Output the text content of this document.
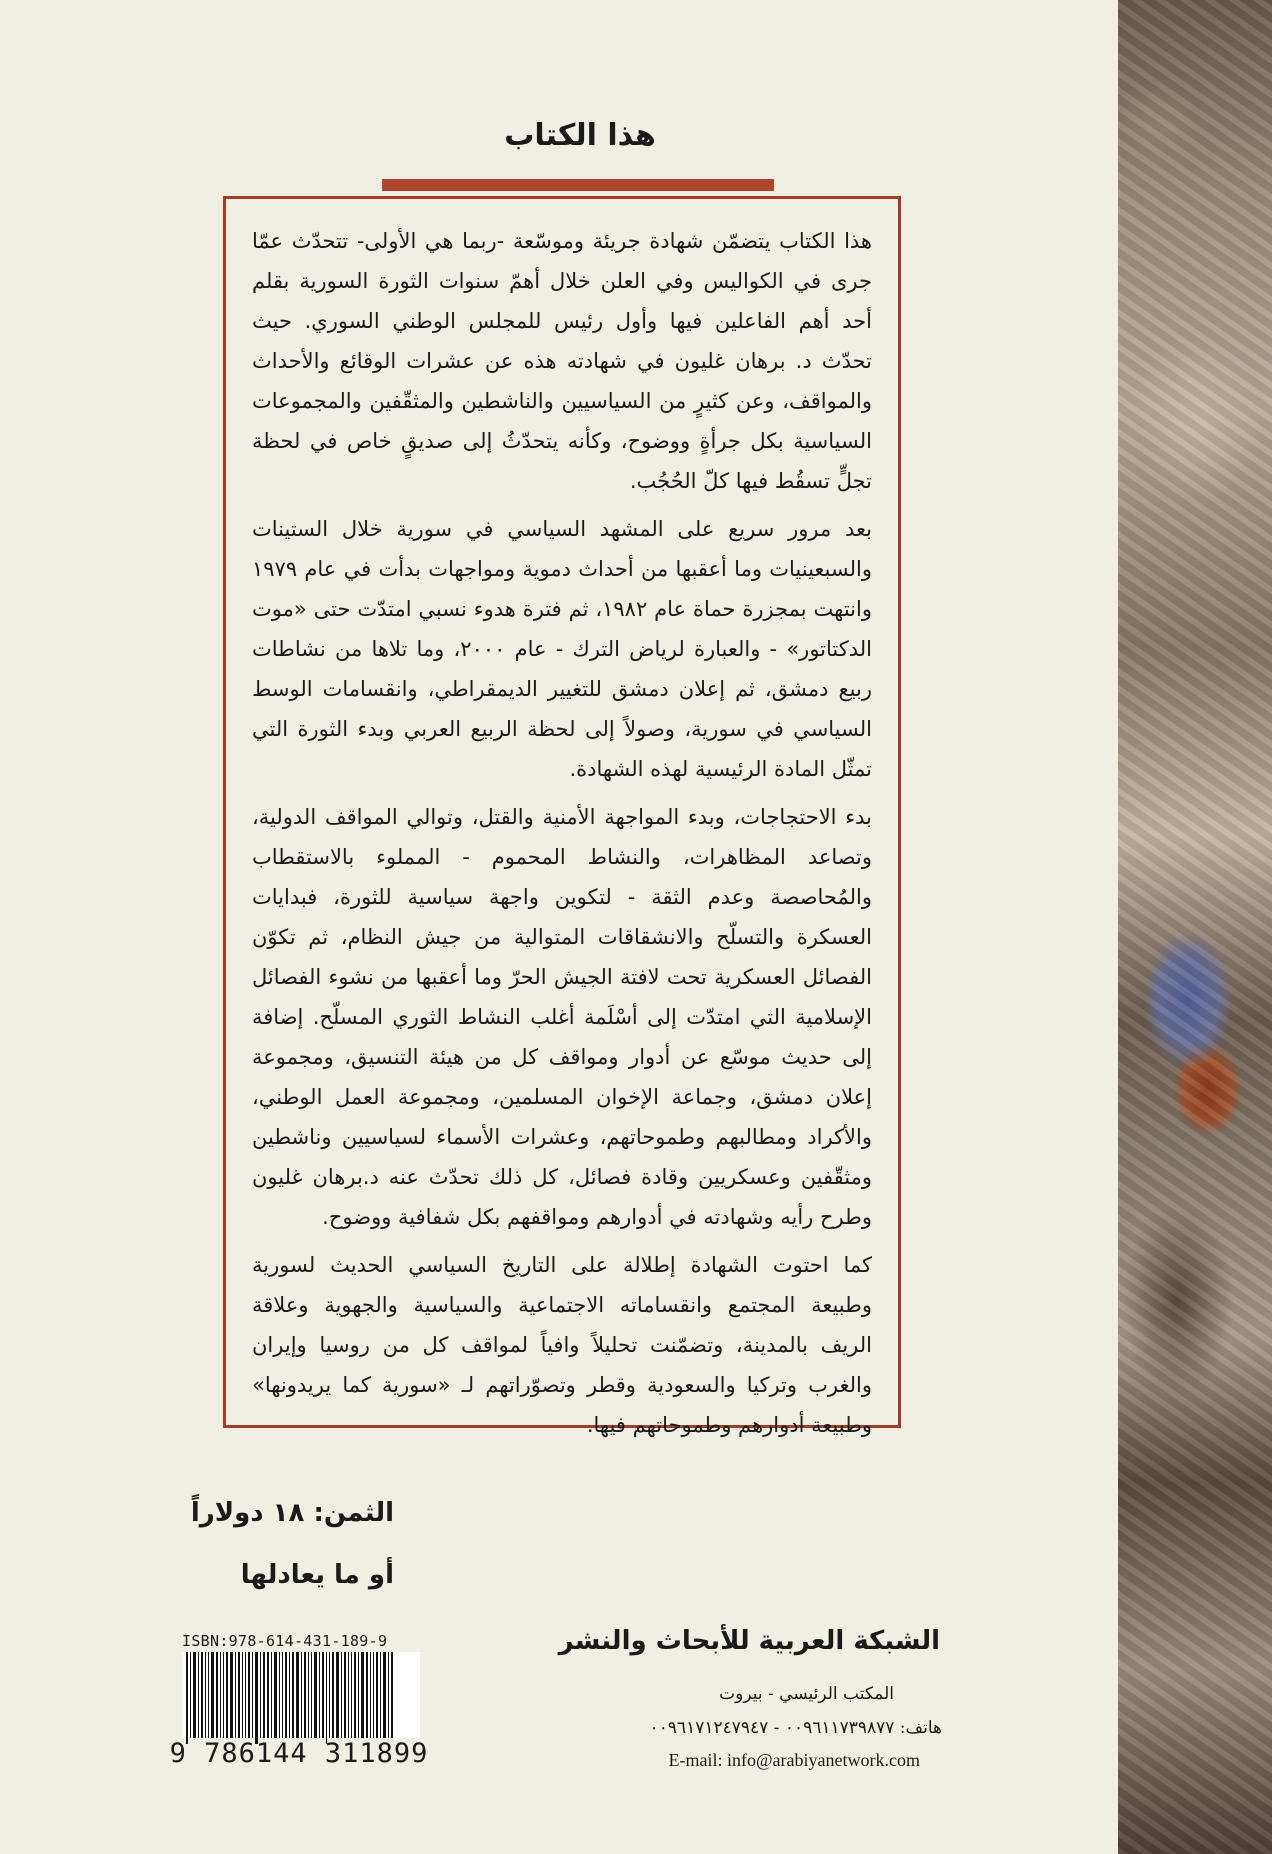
هذا الكتاب

هذا الكتاب يتضمّن شهادة جريئة وموسّعة -ربما هي الأولى- تتحدّث عمّا جرى في الكواليس وفي العلن خلال أهمّ سنوات الثورة السورية بقلم أحد أهم الفاعلين فيها وأول رئيس للمجلس الوطني السوري. حيث تحدّث د. برهان غليون في شهادته هذه عن عشرات الوقائع والأحداث والمواقف، وعن كثيرٍ من السياسيين والناشطين والمثقّفين والمجموعات السياسية بكل جرأةٍ ووضوح، وكأنه يتحدّثُ إلى صديقٍ خاص في لحظة تجلٍّ تسقُط فيها كلّ الحُجُب.

بعد مرور سريع على المشهد السياسي في سورية خلال الستينات والسبعينيات وما أعقبها من أحداث دموية ومواجهات بدأت في عام ١٩٧٩ وانتهت بمجزرة حماة عام ١٩٨٢، ثم فترة هدوء نسبي امتدّت حتى «موت الدكتاتور» - والعبارة لرياض الترك - عام ٢٠٠٠، وما تلاها من نشاطات ربيع دمشق، ثم إعلان دمشق للتغيير الديمقراطي، وانقسامات الوسط السياسي في سورية، وصولاً إلى لحظة الربيع العربي وبدء الثورة التي تمثّل المادة الرئيسية لهذه الشهادة.

بدء الاحتجاجات، وبدء المواجهة الأمنية والقتل، وتوالي المواقف الدولية، وتصاعد المظاهرات، والنشاط المحموم - المملوء بالاستقطاب والمُحاصصة وعدم الثقة - لتكوين واجهة سياسية للثورة، فبدايات العسكرة والتسلّح والانشقاقات المتوالية من جيش النظام، ثم تكوّن الفصائل العسكرية تحت لافتة الجيش الحرّ وما أعقبها من نشوء الفصائل الإسلامية التي امتدّت إلى أسْلَمة أغلب النشاط الثوري المسلّح. إضافة إلى حديث موسّع عن أدوار ومواقف كل من هيئة التنسيق، ومجموعة إعلان دمشق، وجماعة الإخوان المسلمين، ومجموعة العمل الوطني، والأكراد ومطالبهم وطموحاتهم، وعشرات الأسماء لسياسيين وناشطين ومثقّفين وعسكريين وقادة فصائل، كل ذلك تحدّث عنه د.برهان غليون وطرح رأيه وشهادته في أدوارهم ومواقفهم بكل شفافية ووضوح.

كما احتوت الشهادة إطلالة على التاريخ السياسي الحديث لسورية وطبيعة المجتمع وانقساماته الاجتماعية والسياسية والجهوية وعلاقة الريف بالمدينة، وتضمّنت تحليلاً وافياً لمواقف كل من روسيا وإيران والغرب وتركيا والسعودية وقطر وتصوّراتهم لـ «سورية كما يريدونها» وطبيعة أدوارهم وطموحاتهم فيها.

الثمن: ١٨ دولاراً
أو ما يعادلها
ISBN:978-614-431-189-9
9 786144 311899
الشبكة العربية للأبحاث والنشر
المكتب الرئيسي - بيروت
هاتف: ٠٠٩٦١١٧٣٩٨٧٧ - ٠٠٩٦١٧١٢٤٧٩٤٧
E-mail: info@arabiyanetwork.com
